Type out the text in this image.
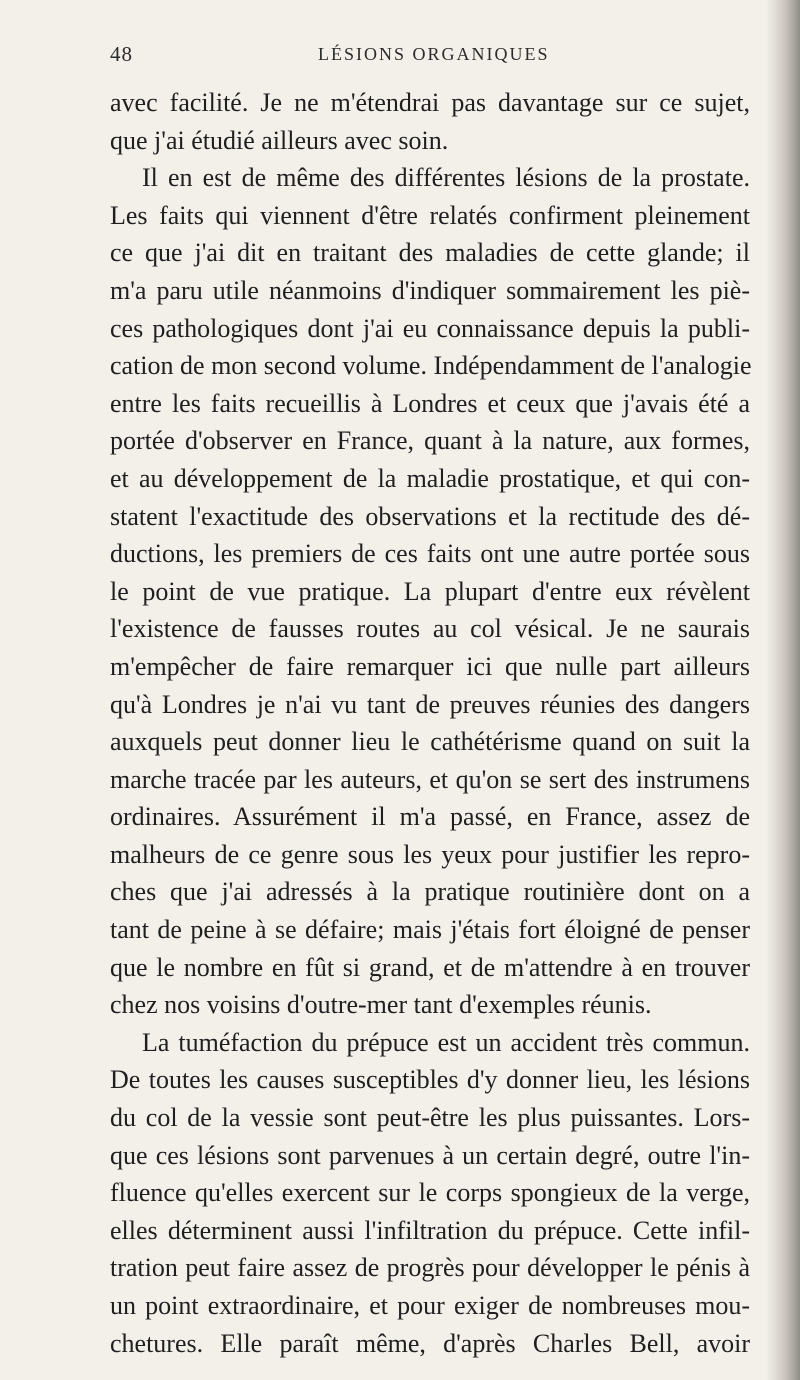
48	LÉSIONS ORGANIQUES
avec facilité. Je ne m'étendrai pas davantage sur ce sujet,
que j'ai étudié ailleurs avec soin.
Il en est de même des différentes lésions de la prostate.
Les faits qui viennent d'être relatés confirment pleinement
ce que j'ai dit en traitant des maladies de cette glande; il
m'a paru utile néanmoins d'indiquer sommairement les piè-
ces pathologiques dont j'ai eu connaissance depuis la publi-
cation de mon second volume. Indépendamment de l'analogie
entre les faits recueillis à Londres et ceux que j'avais été a
portée d'observer en France, quant à la nature, aux formes,
et au développement de la maladie prostatique, et qui con-
statent l'exactitude des observations et la rectitude des dé-
ductions, les premiers de ces faits ont une autre portée sous
le point de vue pratique. La plupart d'entre eux révèlent
l'existence de fausses routes au col vésical. Je ne saurais
m'empêcher de faire remarquer ici que nulle part ailleurs
qu'à Londres je n'ai vu tant de preuves réunies des dangers
auxquels peut donner lieu le cathétérisme quand on suit la
marche tracée par les auteurs, et qu'on se sert des instrumens
ordinaires. Assurément il m'a passé, en France, assez de
malheurs de ce genre sous les yeux pour justifier les repro-
ches que j'ai adressés à la pratique routinière dont on a
tant de peine à se défaire; mais j'étais fort éloigné de penser
que le nombre en fût si grand, et de m'attendre à en trouver
chez nos voisins d'outre-mer tant d'exemples réunis.
La tuméfaction du prépuce est un accident très commun.
De toutes les causes susceptibles d'y donner lieu, les lésions
du col de la vessie sont peut-être les plus puissantes. Lors-
que ces lésions sont parvenues à un certain degré, outre l'in-
fluence qu'elles exercent sur le corps spongieux de la verge,
elles déterminent aussi l'infiltration du prépuce. Cette infil-
tration peut faire assez de progrès pour développer le pénis à
un point extraordinaire, et pour exiger de nombreuses mou-
chetures. Elle paraît même, d'après Charles Bell, avoir
